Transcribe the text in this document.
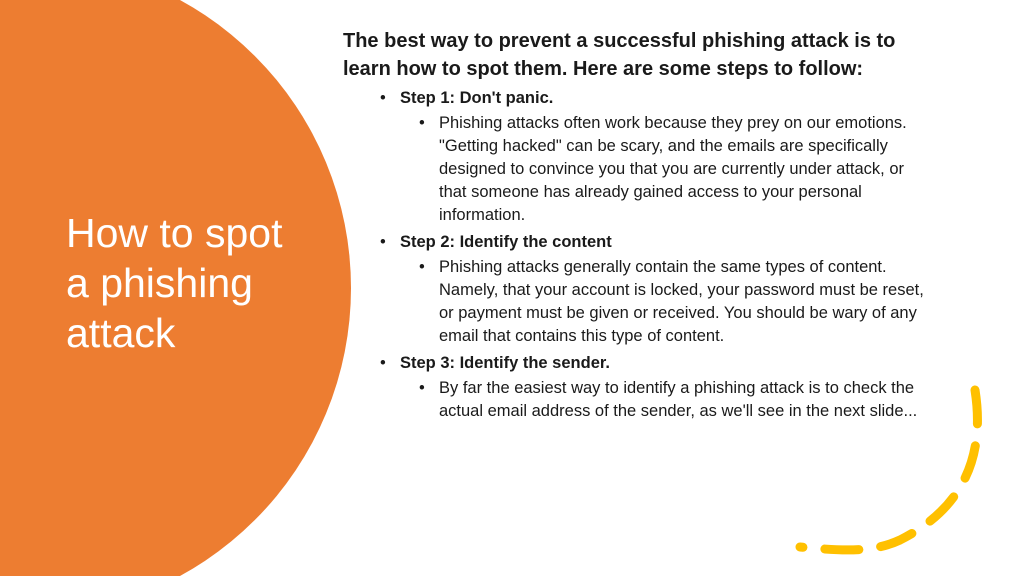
How to spot
a phishing
attack

The best way to prevent a successful phishing attack is to learn how to spot them. Here are some steps to follow:

• Step 1: Don't panic.
• Phishing attacks often work because they prey on our emotions. "Getting hacked" can be scary, and the emails are specifically designed to convince you that you are currently under attack, or that someone has already gained access to your personal information.
• Step 2: Identify the content
• Phishing attacks generally contain the same types of content. Namely, that your account is locked, your password must be reset, or payment must be given or received. You should be wary of any email that contains this type of content.
• Step 3: Identify the sender.
• By far the easiest way to identify a phishing attack is to check the actual email address of the sender, as we'll see in the next slide...
